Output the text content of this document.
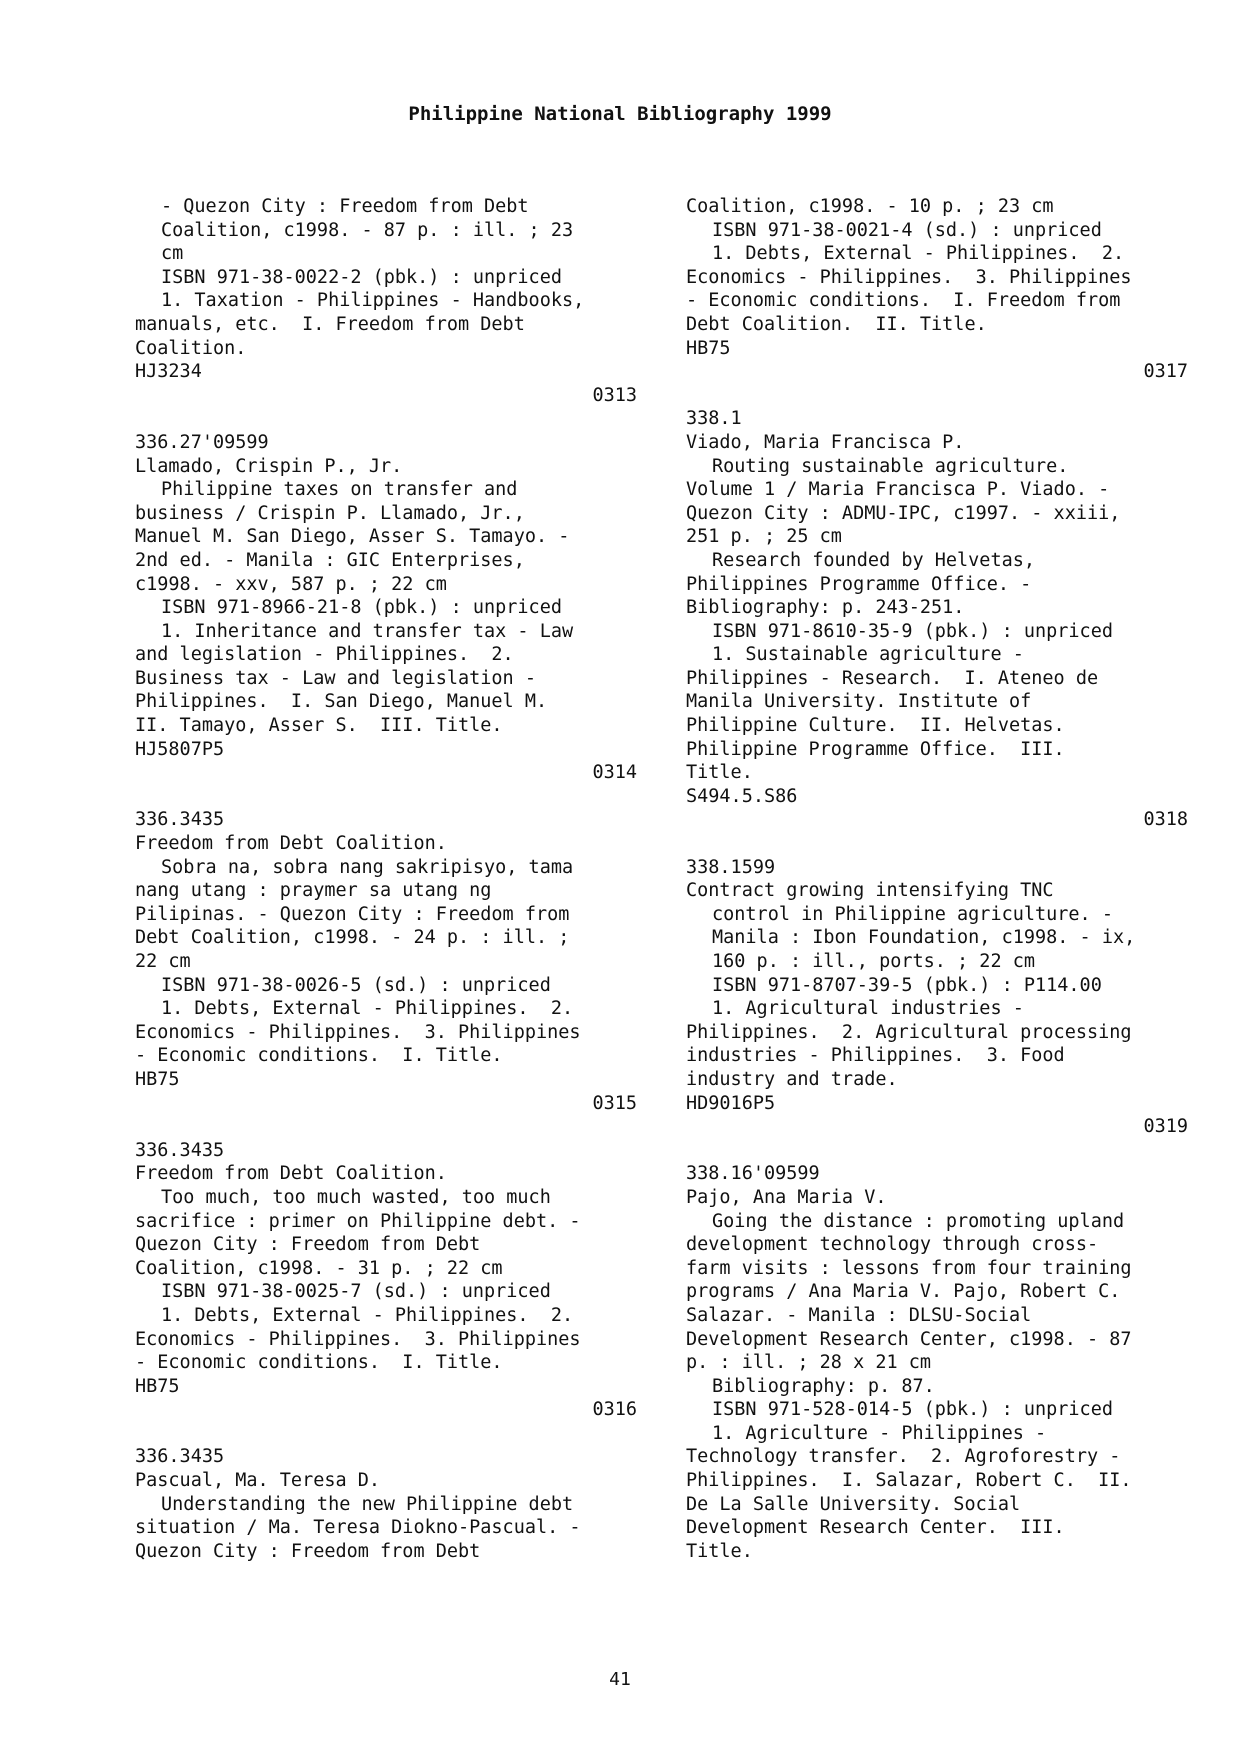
Philippine National Bibliography 1999
- Quezon City : Freedom from Debt
Coalition, c1998. - 87 p. : ill. ; 23
cm
ISBN 971-38-0022-2 (pbk.) : unpriced
1. Taxation - Philippines - Handbooks,
manuals, etc.  I. Freedom from Debt
Coalition.
HJ3234
0313
336.27'09599
Llamado, Crispin P., Jr.
Philippine taxes on transfer and
business / Crispin P. Llamado, Jr.,
Manuel M. San Diego, Asser S. Tamayo. -
2nd ed. - Manila : GIC Enterprises,
c1998. - xxv, 587 p. ; 22 cm
ISBN 971-8966-21-8 (pbk.) : unpriced
1. Inheritance and transfer tax - Law
and legislation - Philippines.  2.
Business tax - Law and legislation -
Philippines.  I. San Diego, Manuel M.
II. Tamayo, Asser S.  III. Title.
HJ5807P5
0314
336.3435
Freedom from Debt Coalition.
Sobra na, sobra nang sakripisyo, tama
nang utang : praymer sa utang ng
Pilipinas. - Quezon City : Freedom from
Debt Coalition, c1998. - 24 p. : ill. ;
22 cm
ISBN 971-38-0026-5 (sd.) : unpriced
1. Debts, External - Philippines.  2.
Economics - Philippines.  3. Philippines
- Economic conditions.  I. Title.
HB75
0315
336.3435
Freedom from Debt Coalition.
Too much, too much wasted, too much
sacrifice : primer on Philippine debt. -
Quezon City : Freedom from Debt
Coalition, c1998. - 31 p. ; 22 cm
ISBN 971-38-0025-7 (sd.) : unpriced
1. Debts, External - Philippines.  2.
Economics - Philippines.  3. Philippines
- Economic conditions.  I. Title.
HB75
0316
336.3435
Pascual, Ma. Teresa D.
Understanding the new Philippine debt
situation / Ma. Teresa Diokno-Pascual. -
Quezon City : Freedom from Debt
Coalition, c1998. - 10 p. ; 23 cm
ISBN 971-38-0021-4 (sd.) : unpriced
1. Debts, External - Philippines.  2.
Economics - Philippines.  3. Philippines
- Economic conditions.  I. Freedom from
Debt Coalition.  II. Title.
HB75
0317
338.1
Viado, Maria Francisca P.
Routing sustainable agriculture.
Volume 1 / Maria Francisca P. Viado. -
Quezon City : ADMU-IPC, c1997. - xxiii,
251 p. ; 25 cm
Research founded by Helvetas,
Philippines Programme Office. -
Bibliography: p. 243-251.
ISBN 971-8610-35-9 (pbk.) : unpriced
1. Sustainable agriculture -
Philippines - Research.  I. Ateneo de
Manila University. Institute of
Philippine Culture.  II. Helvetas.
Philippine Programme Office.  III.
Title.
S494.5.S86
0318
338.1599
Contract growing intensifying TNC
control in Philippine agriculture. -
Manila : Ibon Foundation, c1998. - ix,
160 p. : ill., ports. ; 22 cm
ISBN 971-8707-39-5 (pbk.) : P114.00
1. Agricultural industries -
Philippines.  2. Agricultural processing
industries - Philippines.  3. Food
industry and trade.
HD9016P5
0319
338.16'09599
Pajo, Ana Maria V.
Going the distance : promoting upland
development technology through cross-
farm visits : lessons from four training
programs / Ana Maria V. Pajo, Robert C.
Salazar. - Manila : DLSU-Social
Development Research Center, c1998. - 87
p. : ill. ; 28 x 21 cm
Bibliography: p. 87.
ISBN 971-528-014-5 (pbk.) : unpriced
1. Agriculture - Philippines -
Technology transfer.  2. Agroforestry -
Philippines.  I. Salazar, Robert C.  II.
De La Salle University. Social
Development Research Center.  III.
Title.
41
